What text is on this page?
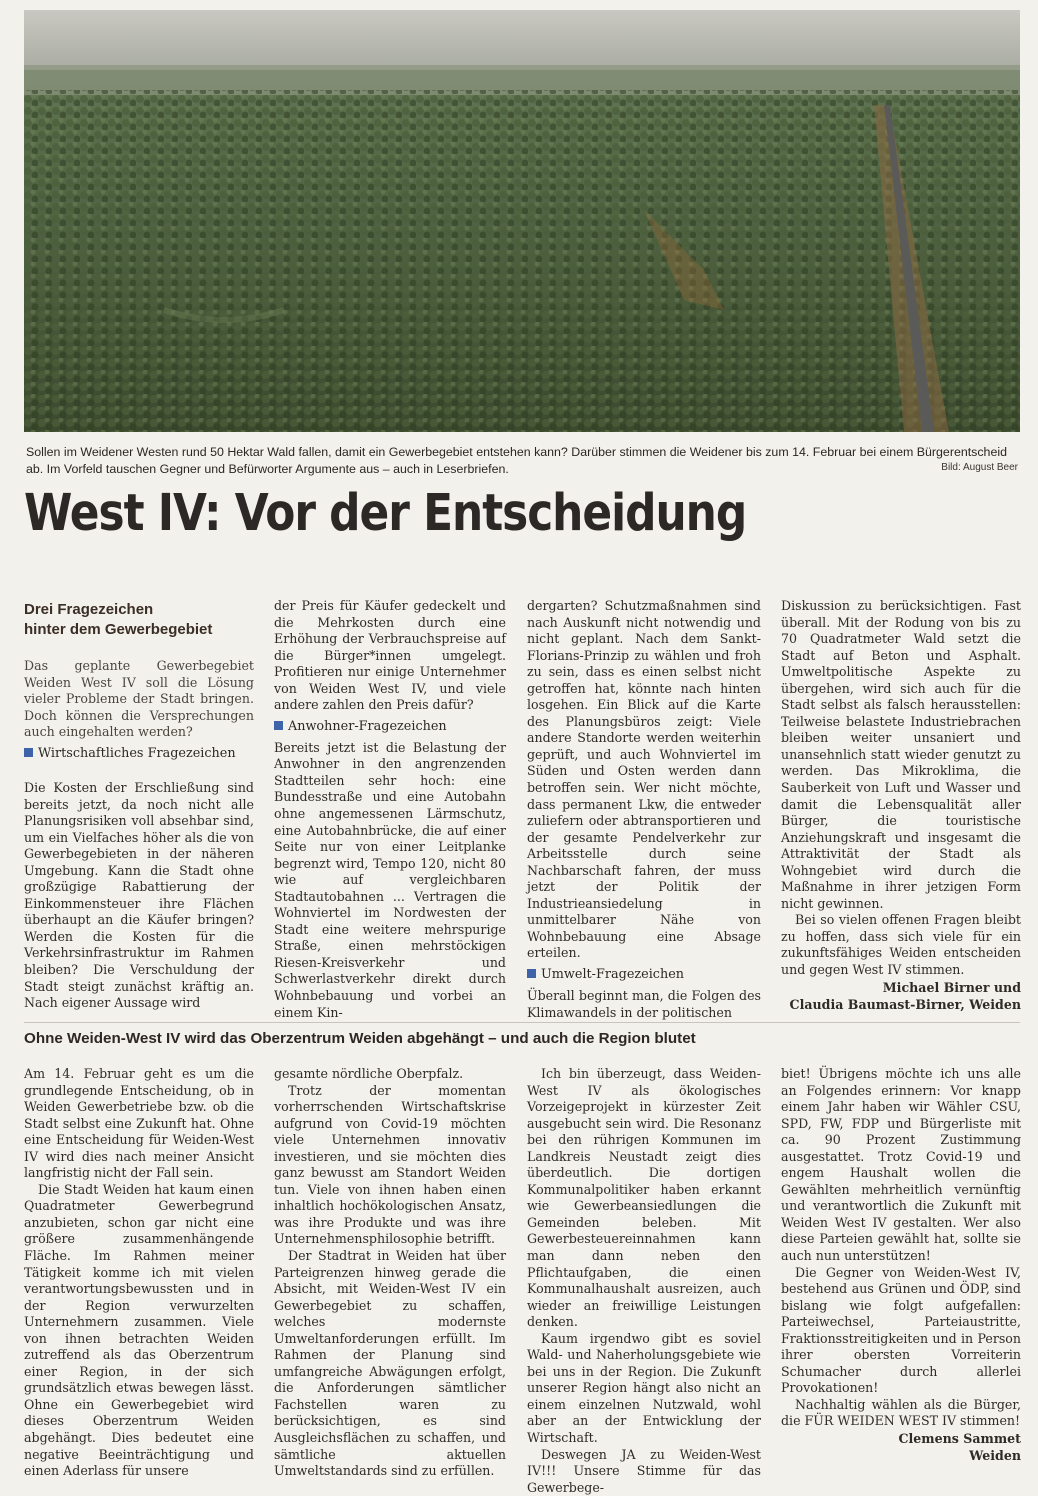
Sollen im Weidener Westen rund 50 Hektar Wald fallen, damit ein Gewerbegebiet entstehen kann? Darüber stimmen die Weidener bis zum 14. Februar bei einem Bürgerentscheid ab. Im Vorfeld tauschen Gegner und Befürworter Argumente aus – auch in Leserbriefen.	Bild: August Beer
West IV: Vor der Entscheidung
Drei Fragezeichen
hinter dem Gewerbegebiet

Das geplante Gewerbegebiet Weiden West IV soll die Lösung vieler Probleme der Stadt bringen. Doch können die Versprechungen auch eingehalten werden?

Wirtschaftliches Fragezeichen

Die Kosten der Erschließung sind bereits jetzt, da noch nicht alle Planungsrisiken voll absehbar sind, um ein Vielfaches höher als die von Gewerbegebieten in der näheren Umgebung. Kann die Stadt ohne großzügige Rabattierung der Einkommensteuer ihre Flächen überhaupt an die Käufer bringen? Werden die Kosten für die Verkehrsinfrastruktur im Rahmen bleiben? Die Verschuldung der Stadt steigt zunächst kräftig an. Nach eigener Aussage wird

der Preis für Käufer gedeckelt und die Mehrkosten durch eine Erhöhung der Verbrauchspreise auf die Bürger*innen umgelegt. Profitieren nur einige Unternehmer von Weiden West IV, und viele andere zahlen den Preis dafür?

Anwohner-Fragezeichen

Bereits jetzt ist die Belastung der Anwohner in den angrenzenden Stadtteilen sehr hoch: eine Bundesstraße und eine Autobahn ohne angemessenen Lärmschutz, eine Autobahnbrücke, die auf einer Seite nur von einer Leitplanke begrenzt wird, Tempo 120, nicht 80 wie auf vergleichbaren Stadtautobahnen ... Vertragen die Wohnviertel im Nordwesten der Stadt eine weitere mehrspurige Straße, einen mehrstöckigen Riesen-Kreisverkehr und Schwerlastverkehr direkt durch Wohnbebauung und vorbei an einem Kin-

dergarten? Schutzmaßnahmen sind nach Auskunft nicht notwendig und nicht geplant. Nach dem Sankt-Florians-Prinzip zu wählen und froh zu sein, dass es einen selbst nicht getroffen hat, könnte nach hinten losgehen. Ein Blick auf die Karte des Planungsbüros zeigt: Viele andere Standorte werden weiterhin geprüft, und auch Wohnviertel im Süden und Osten werden dann betroffen sein. Wer nicht möchte, dass permanent Lkw, die entweder zuliefern oder abtransportieren und der gesamte Pendelverkehr zur Arbeitsstelle durch seine Nachbarschaft fahren, der muss jetzt der Politik der Industrieansiedelung in unmittelbarer Nähe von Wohnbebauung eine Absage erteilen.

Umwelt-Fragezeichen

Überall beginnt man, die Folgen des Klimawandels in der politischen

Diskussion zu berücksichtigen. Fast überall. Mit der Rodung von bis zu 70 Quadratmeter Wald setzt die Stadt auf Beton und Asphalt. Umweltpolitische Aspekte zu übergehen, wird sich auch für die Stadt selbst als falsch herausstellen: Teilweise belastete Industriebrachen bleiben weiter unsaniert und unansehnlich statt wieder genutzt zu werden. Das Mikroklima, die Sauberkeit von Luft und Wasser und damit die Lebensqualität aller Bürger, die touristische Anziehungskraft und insgesamt die Attraktivität der Stadt als Wohngebiet wird durch die Maßnahme in ihrer jetzigen Form nicht gewinnen.

Bei so vielen offenen Fragen bleibt zu hoffen, dass sich viele für ein zukunftsfähiges Weiden entscheiden und gegen West IV stimmen.

Michael Birner und
Claudia Baumast-Birner, Weiden
Ohne Weiden-West IV wird das Oberzentrum Weiden abgehängt – und auch die Region blutet

Am 14. Februar geht es um die grundlegende Entscheidung, ob in Weiden Gewerbetriebe bzw. ob die Stadt selbst eine Zukunft hat. Ohne eine Entscheidung für Weiden-West IV wird dies nach meiner Ansicht langfristig nicht der Fall sein.

Die Stadt Weiden hat kaum einen Quadratmeter Gewerbegrund anzubieten, schon gar nicht eine größere zusammenhängende Fläche. Im Rahmen meiner Tätigkeit komme ich mit vielen verantwortungsbewussten und in der Region verwurzelten Unternehmern zusammen. Viele von ihnen betrachten Weiden zutreffend als das Oberzentrum einer Region, in der sich grundsätzlich etwas bewegen lässt. Ohne ein Gewerbegebiet wird dieses Oberzentrum Weiden abgehängt. Dies bedeutet eine negative Beeinträchtigung und einen Aderlass für unsere

gesamte nördliche Oberpfalz.

Trotz der momentan vorherrschenden Wirtschaftskrise aufgrund von Covid-19 möchten viele Unternehmen innovativ investieren, und sie möchten dies ganz bewusst am Standort Weiden tun. Viele von ihnen haben einen inhaltlich hochökologischen Ansatz, was ihre Produkte und was ihre Unternehmensphilosophie betrifft.

Der Stadtrat in Weiden hat über Parteigrenzen hinweg gerade die Absicht, mit Weiden-West IV ein Gewerbegebiet zu schaffen, welches modernste Umweltanforderungen erfüllt. Im Rahmen der Planung sind umfangreiche Abwägungen erfolgt, die Anforderungen sämtlicher Fachstellen waren zu berücksichtigen, es sind Ausgleichsflächen zu schaffen, und sämtliche aktuellen Umweltstandards sind zu erfüllen.

Ich bin überzeugt, dass Weiden-West IV als ökologisches Vorzeigeprojekt in kürzester Zeit ausgebucht sein wird. Die Resonanz bei den rührigen Kommunen im Landkreis Neustadt zeigt dies überdeutlich. Die dortigen Kommunalpolitiker haben erkannt wie Gewerbeansiedlungen die Gemeinden beleben. Mit Gewerbesteuereinnahmen kann man dann neben den Pflichtaufgaben, die einen Kommunalhaushalt ausreizen, auch wieder an freiwillige Leistungen denken.

Kaum irgendwo gibt es soviel Wald- und Naherholungsgebiete wie bei uns in der Region. Die Zukunft unserer Region hängt also nicht an einem einzelnen Nutzwald, wohl aber an der Entwicklung der Wirtschaft.

Deswegen JA zu Weiden-West IV!!! Unsere Stimme für das Gewerbege-

biet! Übrigens möchte ich uns alle an Folgendes erinnern: Vor knapp einem Jahr haben wir Wähler CSU, SPD, FW, FDP und Bürgerliste mit ca. 90 Prozent Zustimmung ausgestattet. Trotz Covid-19 und engem Haushalt wollen die Gewählten mehrheitlich vernünftig und verantwortlich die Zukunft mit Weiden West IV gestalten. Wer also diese Parteien gewählt hat, sollte sie auch nun unterstützen!

Die Gegner von Weiden-West IV, bestehend aus Grünen und ÖDP, sind bislang wie folgt aufgefallen: Parteiwechsel, Parteiaustritte, Fraktionsstreitigkeiten und in Person ihrer obersten Vorreiterin Schumacher durch allerlei Provokationen!

Nachhaltig wählen als die Bürger, die FÜR WEIDEN WEST IV stimmen!

Clemens Sammet
Weiden
